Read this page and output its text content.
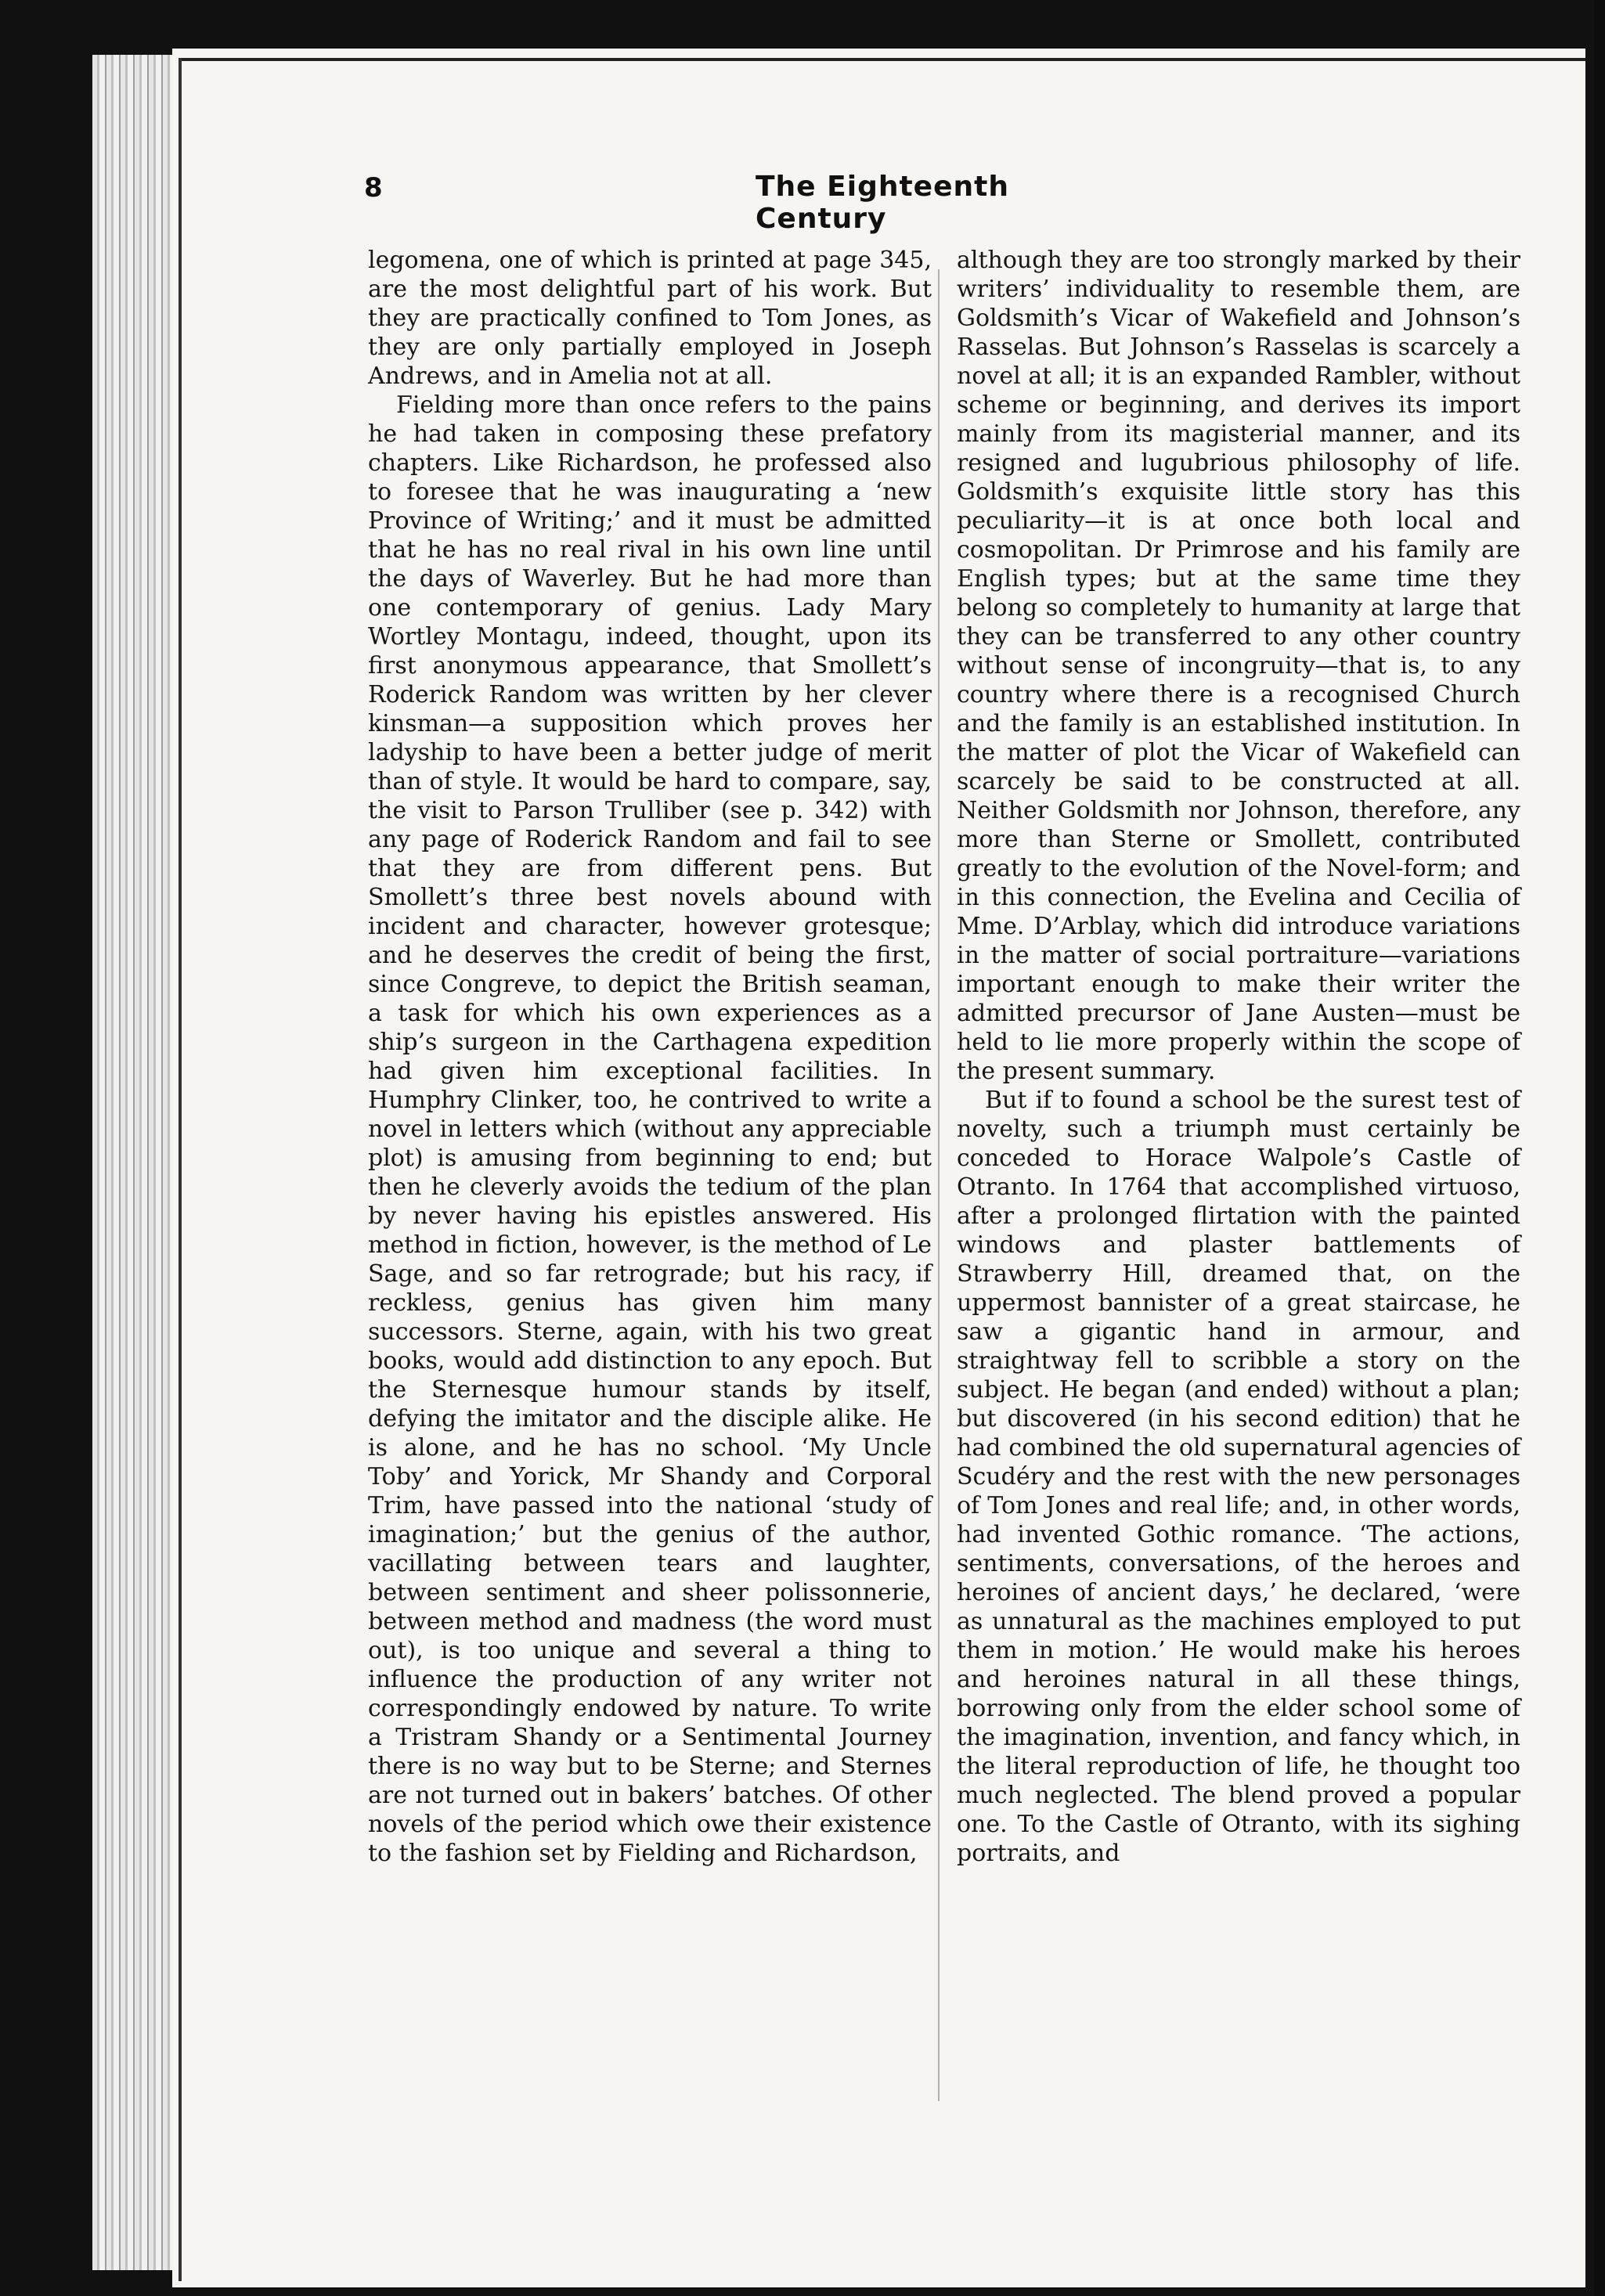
8	The Eighteenth Century

legomena, one of which is printed at page 345, are the most delightful part of his work. But they are practically confined to Tom Jones, as they are only partially employed in Joseph Andrews, and in Amelia not at all.

Fielding more than once refers to the pains he had taken in composing these prefatory chapters. Like Richardson, he professed also to foresee that he was inaugurating a ‘new Province of Writing;’ and it must be admitted that he has no real rival in his own line until the days of Waverley. But he had more than one contemporary of genius. Lady Mary Wortley Montagu, indeed, thought, upon its first anonymous appearance, that Smollett’s Roderick Random was written by her clever kinsman—a supposition which proves her ladyship to have been a better judge of merit than of style. It would be hard to compare, say, the visit to Parson Trulliber (see p. 342) with any page of Roderick Random and fail to see that they are from different pens. But Smollett’s three best novels abound with incident and character, however grotesque; and he deserves the credit of being the first, since Congreve, to depict the British seaman, a task for which his own experiences as a ship’s surgeon in the Carthagena expedition had given him exceptional facilities. In Humphry Clinker, too, he contrived to write a novel in letters which (without any appreciable plot) is amusing from beginning to end; but then he cleverly avoids the tedium of the plan by never having his epistles answered. His method in fiction, however, is the method of Le Sage, and so far retrograde; but his racy, if reckless, genius has given him many successors. Sterne, again, with his two great books, would add distinction to any epoch. But the Sternesque humour stands by itself, defying the imitator and the disciple alike. He is alone, and he has no school. ‘My Uncle Toby’ and Yorick, Mr Shandy and Corporal Trim, have passed into the national ‘study of imagination;’ but the genius of the author, vacillating between tears and laughter, between sentiment and sheer polissonnerie, between method and madness (the word must out), is too unique and several a thing to influence the production of any writer not correspondingly endowed by nature. To write a Tristram Shandy or a Sentimental Journey there is no way but to be Sterne; and Sternes are not turned out in bakers’ batches. Of other novels of the period which owe their existence to the fashion set by Fielding and Richardson,

although they are too strongly marked by their writers’ individuality to resemble them, are Goldsmith’s Vicar of Wakefield and Johnson’s Rasselas. But Johnson’s Rasselas is scarcely a novel at all; it is an expanded Rambler, without scheme or beginning, and derives its import mainly from its magisterial manner, and its resigned and lugubrious philosophy of life. Goldsmith’s exquisite little story has this peculiarity—it is at once both local and cosmopolitan. Dr Primrose and his family are English types; but at the same time they belong so completely to humanity at large that they can be transferred to any other country without sense of incongruity—that is, to any country where there is a recognised Church and the family is an established institution. In the matter of plot the Vicar of Wakefield can scarcely be said to be constructed at all. Neither Goldsmith nor Johnson, therefore, any more than Sterne or Smollett, contributed greatly to the evolution of the Novel-form; and in this connection, the Evelina and Cecilia of Mme. D’Arblay, which did introduce variations in the matter of social portraiture—variations important enough to make their writer the admitted precursor of Jane Austen—must be held to lie more properly within the scope of the present summary.

But if to found a school be the surest test of novelty, such a triumph must certainly be conceded to Horace Walpole’s Castle of Otranto. In 1764 that accomplished virtuoso, after a prolonged flirtation with the painted windows and plaster battlements of Strawberry Hill, dreamed that, on the uppermost bannister of a great staircase, he saw a gigantic hand in armour, and straightway fell to scribble a story on the subject. He began (and ended) without a plan; but discovered (in his second edition) that he had combined the old supernatural agencies of Scudéry and the rest with the new personages of Tom Jones and real life; and, in other words, had invented Gothic romance. ‘The actions, sentiments, conversations, of the heroes and heroines of ancient days,’ he declared, ‘were as unnatural as the machines employed to put them in motion.’ He would make his heroes and heroines natural in all these things, borrowing only from the elder school some of the imagination, invention, and fancy which, in the literal reproduction of life, he thought too much neglected. The blend proved a popular one. To the Castle of Otranto, with its sighing portraits, and
